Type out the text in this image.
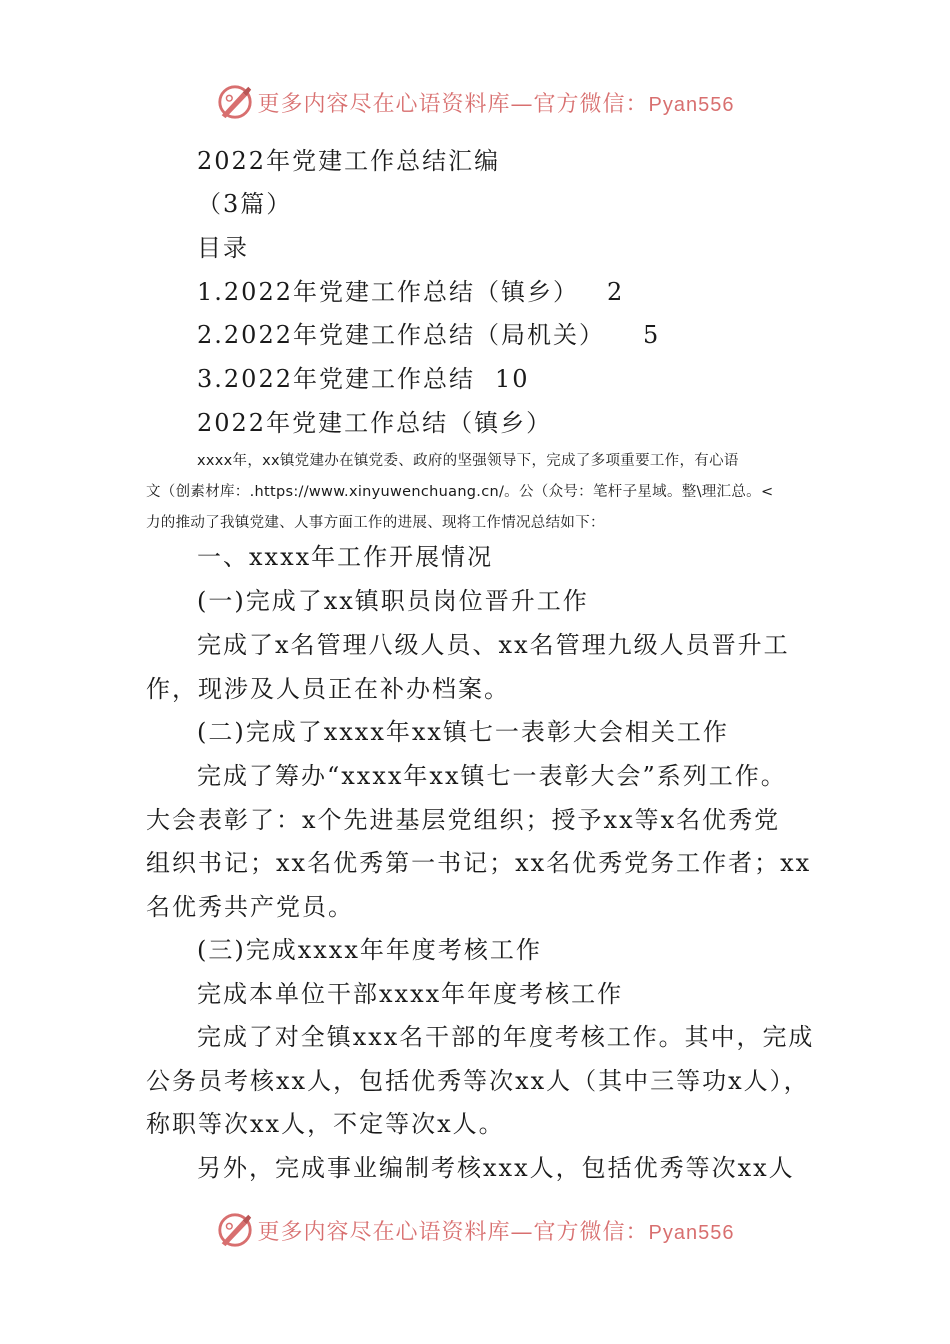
更多内容尽在心语资料库—官方微信：Pyan556
2022年党建工作总结汇编
（3篇）
目录
1.2022年党建工作总结（镇乡） 2
2.2022年党建工作总结（局机关） 5
3.2022年党建工作总结 10
2022年党建工作总结（镇乡）
xxxx年，xx镇党建办在镇党委、政府的坚强领导下，完成了多项重要工作，有心语
文（创素材库：.https://www.xinyuwenchuang.cn/。公（众号：笔杆子星域。整\理汇总。<
力的推动了我镇党建、人事方面工作的进展、现将工作情况总结如下：
一、xxxx年工作开展情况
(一)完成了xx镇职员岗位晋升工作
完成了x名管理八级人员、xx名管理九级人员晋升工
作，现涉及人员正在补办档案。
(二)完成了xxxx年xx镇七一表彰大会相关工作
完成了筹办“xxxx年xx镇七一表彰大会”系列工作。
大会表彰了：x个先进基层党组织；授予xx等x名优秀党
组织书记；xx名优秀第一书记；xx名优秀党务工作者；xx
名优秀共产党员。
(三)完成xxxx年年度考核工作
完成本单位干部xxxx年年度考核工作
完成了对全镇xxx名干部的年度考核工作。其中，完成
公务员考核xx人，包括优秀等次xx人（其中三等功x人），
称职等次xx人，不定等次x人。
另外，完成事业编制考核xxx人，包括优秀等次xx人
更多内容尽在心语资料库—官方微信：Pyan556
